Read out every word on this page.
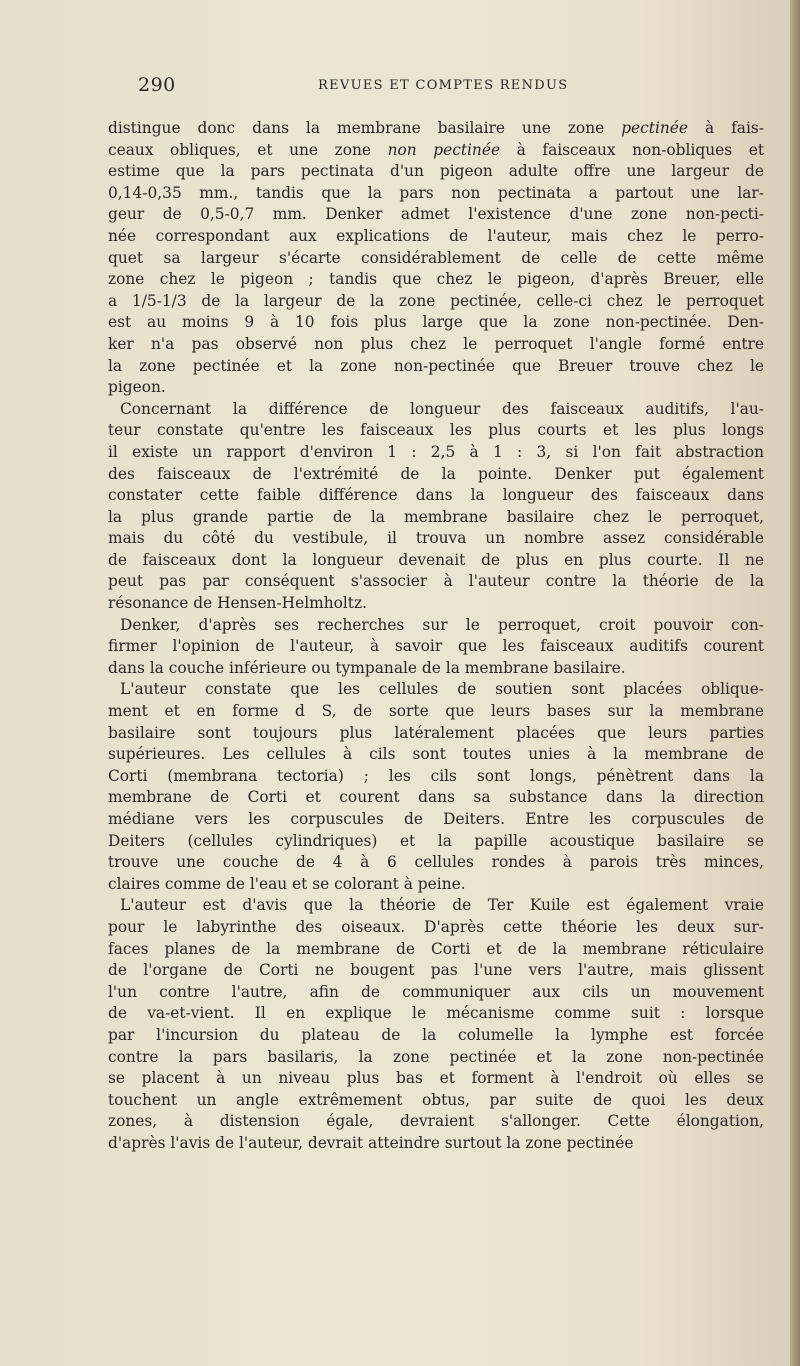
290	REVUES ET COMPTES RENDUS
distingue donc dans la membrane basilaire une zone pectinée à fais-
ceaux obliques, et une zone non pectinée à faisceaux non-obliques et
estime que la pars pectinata d'un pigeon adulte offre une largeur de
0,14-0,35 mm., tandis que la pars non pectinata a partout une lar-
geur de 0,5-0,7 mm. Denker admet l'existence d'une zone non-pecti-
née correspondant aux explications de l'auteur, mais chez le perro-
quet sa largeur s'écarte considérablement de celle de cette même
zone chez le pigeon ; tandis que chez le pigeon, d'après Breuer, elle
a 1/5-1/3 de la largeur de la zone pectinée, celle-ci chez le perroquet
est au moins 9 à 10 fois plus large que la zone non-pectinée. Den-
ker n'a pas observé non plus chez le perroquet l'angle formé entre
la zone pectinée et la zone non-pectinée que Breuer trouve chez le
pigeon.
Concernant la différence de longueur des faisceaux auditifs, l'au-
teur constate qu'entre les faisceaux les plus courts et les plus longs
il existe un rapport d'environ 1 : 2,5 à 1 : 3, si l'on fait abstraction
des faisceaux de l'extrémité de la pointe. Denker put également
constater cette faible différence dans la longueur des faisceaux dans
la plus grande partie de la membrane basilaire chez le perroquet,
mais du côté du vestibule, il trouva un nombre assez considérable
de faisceaux dont la longueur devenait de plus en plus courte. Il ne
peut pas par conséquent s'associer à l'auteur contre la théorie de la
résonance de Hensen-Helmholtz.
Denker, d'après ses recherches sur le perroquet, croit pouvoir con-
firmer l'opinion de l'auteur, à savoir que les faisceaux auditifs courent
dans la couche inférieure ou tympanale de la membrane basilaire.
L'auteur constate que les cellules de soutien sont placées oblique-
ment et en forme d S, de sorte que leurs bases sur la membrane
basilaire sont toujours plus latéralement placées que leurs parties
supérieures. Les cellules à cils sont toutes unies à la membrane de
Corti (membrana tectoria) ; les cils sont longs, pénètrent dans la
membrane de Corti et courent dans sa substance dans la direction
médiane vers les corpuscules de Deiters. Entre les corpuscules de
Deiters (cellules cylindriques) et la papille acoustique basilaire se
trouve une couche de 4 à 6 cellules rondes à parois très minces,
claires comme de l'eau et se colorant à peine.
L'auteur est d'avis que la théorie de Ter Kuile est également vraie
pour le labyrinthe des oiseaux. D'après cette théorie les deux sur-
faces planes de la membrane de Corti et de la membrane réticulaire
de l'organe de Corti ne bougent pas l'une vers l'autre, mais glissent
l'un contre l'autre, afin de communiquer aux cils un mouvement
de va-et-vient. Il en explique le mécanisme comme suit : lorsque
par l'incursion du plateau de la columelle la lymphe est forcée
contre la pars basilaris, la zone pectinée et la zone non-pectinée
se placent à un niveau plus bas et forment à l'endroit où elles se
touchent un angle extrêmement obtus, par suite de quoi les deux
zones, à distension égale, devraient s'allonger. Cette élongation,
d'après l'avis de l'auteur, devrait atteindre surtout la zone pectinée
